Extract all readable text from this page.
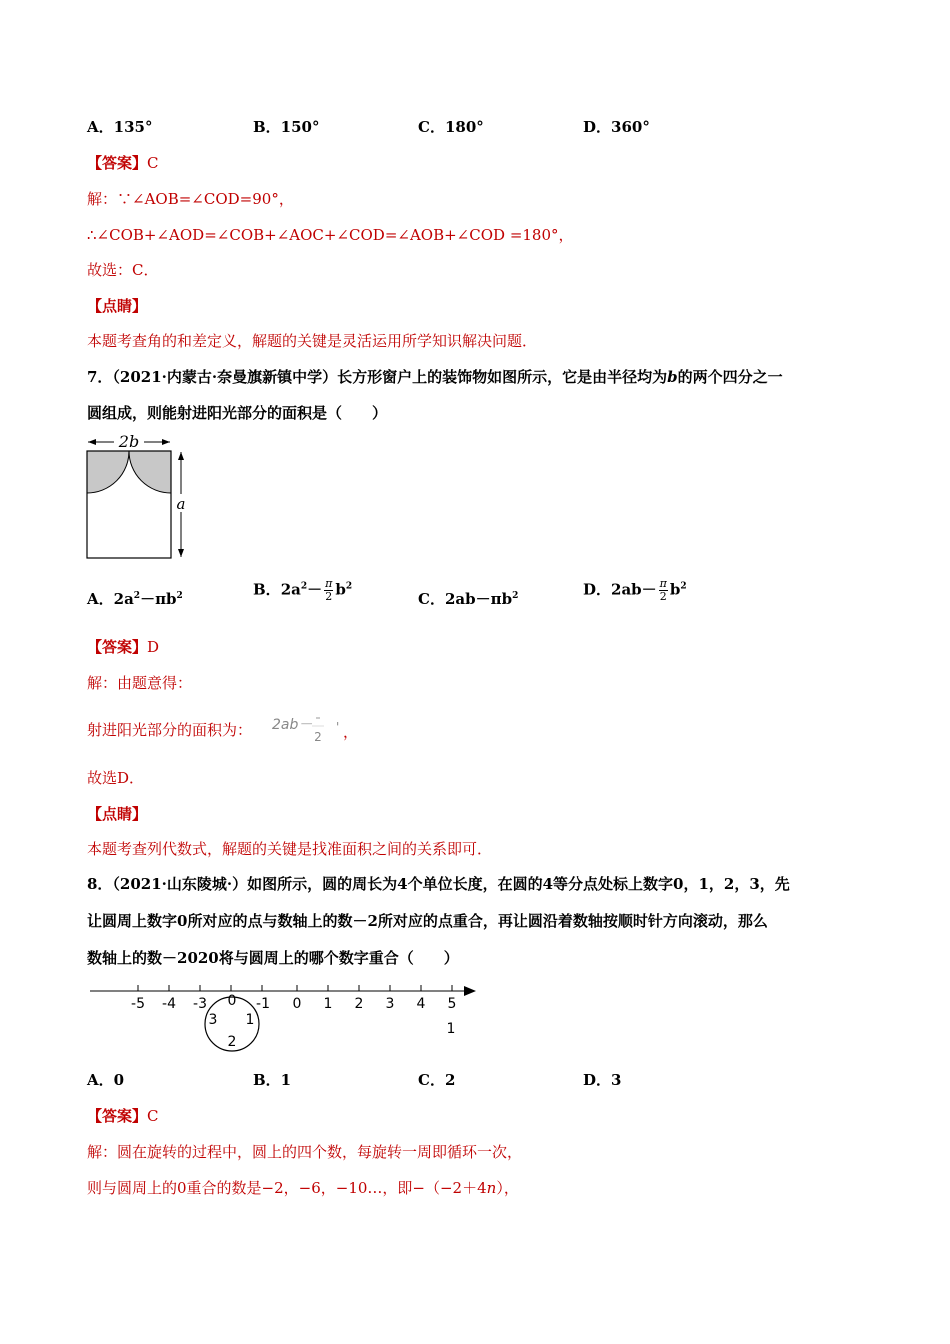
A．135°	B．150°	C．180°	D．360°
【答案】C
解：∵∠AOB=∠COD=90°，
∴∠COB+∠AOD=∠COB+∠AOC+∠COD=∠AOB+∠COD =180°，
故选：C．
【点睛】
本题考查角的和差定义，解题的关键是灵活运用所学知识解决问题．
7．（2021·内蒙古·奈曼旗新镇中学）长方形窗户上的装饰物如图所示，它是由半径均为b的两个四分之一
圆组成，则能射进阳光部分的面积是（　　）
2b
a
A．$2a^2-\pi b^2$	B．$2a^2- \frac{\pi}{2} b^2$
C．$2ab-\pi b^2$	D．$2ab- \frac{\pi}{2} b^2$
【答案】D
解：由题意得：
射进阳光部分的面积为： 2ab－
2
' ，
故选D．
【点睛】
本题考查列代数式，解题的关键是找准面积之间的关系即可．
8．（2021·山东陵城·）如图所示，圆的周长为4个单位长度，在圆的4等分点处标上数字0，1，2，3，先
让圆周上数字0所对应的点与数轴上的数－2所对应的点重合，再让圆沿着数轴按顺时针方向滚动，那么
数轴上的数－2020将与圆周上的哪个数字重合（　　）
-5 -4 -3 0 -1 0 1 2 3 4 5
3 1
2
1
A．0	B．1	C．2	D．3
【答案】C
解：圆在旋转的过程中，圆上的四个数，每旋转一周即循环一次，
则与圆周上的0重合的数是−2，−6，−10…，即−（−2＋4n），
